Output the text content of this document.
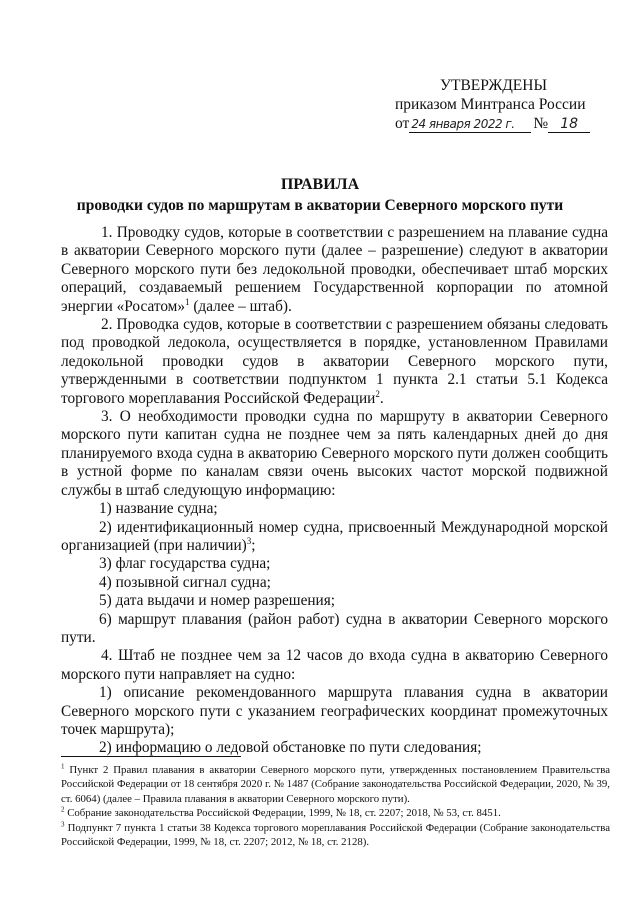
УТВЕРЖДЕНЫ
приказом Минтранса России
от 24 января 2022 г.	№ 18
ПРАВИЛА
проводки судов по маршрутам в акватории Северного морского пути

1. Проводку судов, которые в соответствии с разрешением на плавание судна в акватории Северного морского пути (далее – разрешение) следуют в акватории Северного морского пути без ледокольной проводки, обеспечивает штаб морских операций, создаваемый решением Государственной корпорации по атомной энергии «Росатом»$^1$ (далее – штаб).

2. Проводка судов, которые в соответствии с разрешением обязаны следовать под проводкой ледокола, осуществляется в порядке, установленном Правилами ледокольной проводки судов в акватории Северного морского пути, утвержденными в соответствии подпунктом 1 пункта 2.1 статьи 5.1 Кодекса торгового мореплавания Российской Федерации$^2$.

3. О необходимости проводки судна по маршруту в акватории Северного морского пути капитан судна не позднее чем за пять календарных дней до дня планируемого входа судна в акваторию Северного морского пути должен сообщить в устной форме по каналам связи очень высоких частот морской подвижной службы в штаб следующую информацию:

1) название судна;

2) идентификационный номер судна, присвоенный Международной морской организацией (при наличии)$^3$;

3) флаг государства судна;

4) позывной сигнал судна;

5) дата выдачи и номер разрешения;

6) маршрут плавания (район работ) судна в акватории Северного морского пути.

4. Штаб не позднее чем за 12 часов до входа судна в акваторию Северного морского пути направляет на судно:

1) описание рекомендованного маршрута плавания судна в акватории Северного морского пути с указанием географических координат промежуточных точек маршрута);

2) информацию о ледовой обстановке по пути следования;

$^1$ Пункт 2 Правил плавания в акватории Северного морского пути, утвержденных постановлением Правительства Российской Федерации от 18 сентября 2020 г. № 1487 (Собрание законодательства Российской Федерации, 2020, № 39, ст. 6064) (далее – Правила плавания в акватории Северного морского пути).
$^2$ Собрание законодательства Российской Федерации, 1999, № 18, ст. 2207; 2018, № 53, ст. 8451.
$^3$ Подпункт 7 пункта 1 статьи 38 Кодекса торгового мореплавания Российской Федерации (Собрание законодательства Российской Федерации, 1999, № 18, ст. 2207; 2012, № 18, ст. 2128).
